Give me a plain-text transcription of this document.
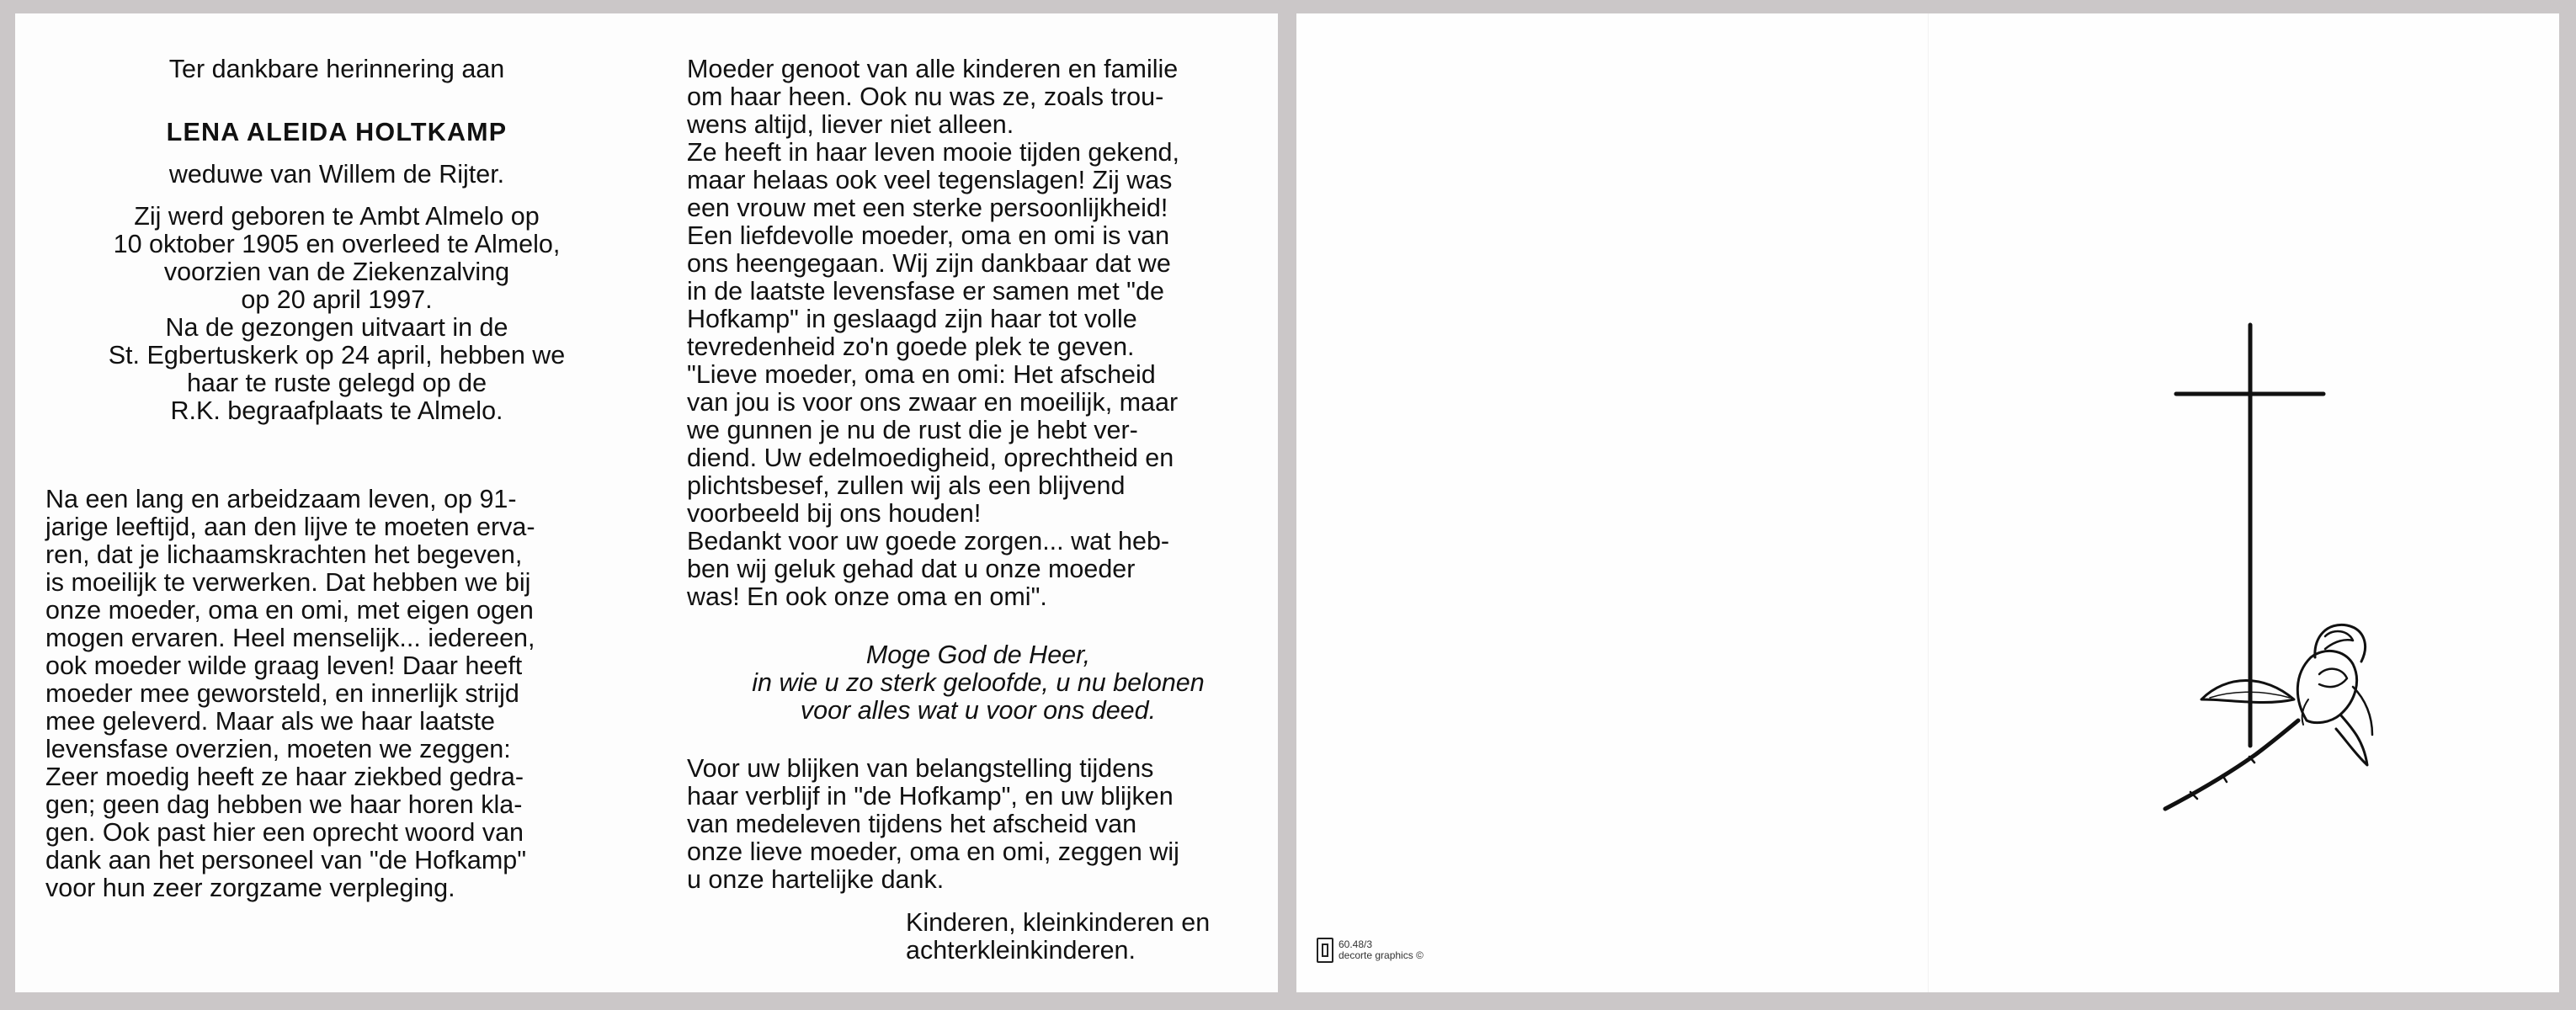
Ter dankbare herinnering aan
LENA ALEIDA HOLTKAMP
weduwe van Willem de Rijter.
Zij werd geboren te Ambt Almelo op
10 oktober 1905 en overleed te Almelo,
voorzien van de Ziekenzalving
op 20 april 1997.
Na de gezongen uitvaart in de
St. Egbertuskerk op 24 april, hebben we
haar te ruste gelegd op de
R.K. begraafplaats te Almelo.
Na een lang en arbeidzaam leven, op 91-
jarige leeftijd, aan den lijve te moeten erva-
ren, dat je lichaamskrachten het begeven,
is moeilijk te verwerken. Dat hebben we bij
onze moeder, oma en omi, met eigen ogen
mogen ervaren. Heel menselijk... iedereen,
ook moeder wilde graag leven! Daar heeft
moeder mee geworsteld, en innerlijk strijd
mee geleverd. Maar als we haar laatste
levensfase overzien, moeten we zeggen:
Zeer moedig heeft ze haar ziekbed gedra-
gen; geen dag hebben we haar horen kla-
gen. Ook past hier een oprecht woord van
dank aan het personeel van "de Hofkamp"
voor hun zeer zorgzame verpleging.
Moeder genoot van alle kinderen en familie
om haar heen. Ook nu was ze, zoals trou-
wens altijd, liever niet alleen.
Ze heeft in haar leven mooie tijden gekend,
maar helaas ook veel tegenslagen! Zij was
een vrouw met een sterke persoonlijkheid!
Een liefdevolle moeder, oma en omi is van
ons heengegaan. Wij zijn dankbaar dat we
in de laatste levensfase er samen met "de
Hofkamp" in geslaagd zijn haar tot volle
tevredenheid zo'n goede plek te geven.
"Lieve moeder, oma en omi: Het afscheid
van jou is voor ons zwaar en moeilijk, maar
we gunnen je nu de rust die je hebt ver-
diend. Uw edelmoedigheid, oprechtheid en
plichtsbesef, zullen wij als een blijvend
voorbeeld bij ons houden!
Bedankt voor uw goede zorgen... wat heb-
ben wij geluk gehad dat u onze moeder
was! En ook onze oma en omi".
Moge God de Heer,
in wie u zo sterk geloofde, u nu belonen
voor alles wat u voor ons deed.
Voor uw blijken van belangstelling tijdens
haar verblijf in "de Hofkamp", en uw blijken
van medeleven tijdens het afscheid van
onze lieve moeder, oma en omi, zeggen wij
u onze hartelijke dank.
Kinderen, kleinkinderen en
achterkleinkinderen.	60.48/3
decorte graphics ©
